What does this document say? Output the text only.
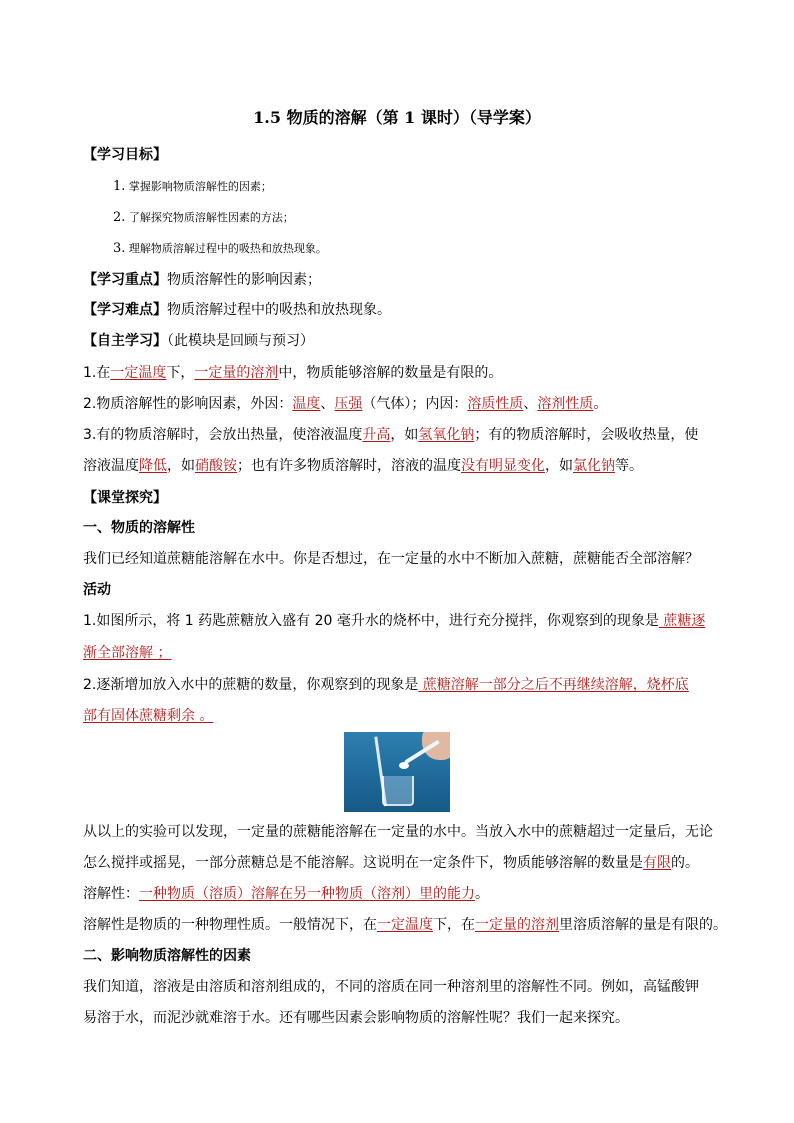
1.5 物质的溶解（第 1 课时）（导学案）
【学习目标】
1. 掌握影响物质溶解性的因素；
2. 了解探究物质溶解性因素的方法；
3. 理解物质溶解过程中的吸热和放热现象。
【学习重点】物质溶解性的影响因素；
【学习难点】物质溶解过程中的吸热和放热现象。
【自主学习】（此模块是回顾与预习）
1.在一定温度下，一定量的溶剂中，物质能够溶解的数量是有限的。
2.物质溶解性的影响因素，外因：温度、压强（气体）；内因：溶质性质、溶剂性质。
3.有的物质溶解时，会放出热量，使溶液温度升高，如氢氧化钠；有的物质溶解时，会吸收热量，使
溶液温度降低，如硝酸铵；也有许多物质溶解时，溶液的温度没有明显变化，如氯化钠等。
【课堂探究】
一、物质的溶解性
我们已经知道蔗糖能溶解在水中。你是否想过，在一定量的水中不断加入蔗糖，蔗糖能否全部溶解？
活动
1.如图所示，将 1 药匙蔗糖放入盛有 20 毫升水的烧杯中，进行充分搅拌，你观察到的现象是 蔗糖逐
渐全部溶解 ；
2.逐渐增加放入水中的蔗糖的数量，你观察到的现象是 蔗糖溶解一部分之后不再继续溶解，烧杯底
部有固体蔗糖剩余 。
从以上的实验可以发现，一定量的蔗糖能溶解在一定量的水中。当放入水中的蔗糖超过一定量后，无论
怎么搅拌或摇晃，一部分蔗糖总是不能溶解。这说明在一定条件下，物质能够溶解的数量是有限的。
溶解性：一种物质（溶质）溶解在另一种物质（溶剂）里的能力。
溶解性是物质的一种物理性质。一般情况下，在一定温度下，在一定量的溶剂里溶质溶解的量是有限的。
二、影响物质溶解性的因素
我们知道，溶液是由溶质和溶剂组成的，不同的溶质在同一种溶剂里的溶解性不同。例如，高锰酸钾
易溶于水，而泥沙就难溶于水。还有哪些因素会影响物质的溶解性呢？我们一起来探究。
